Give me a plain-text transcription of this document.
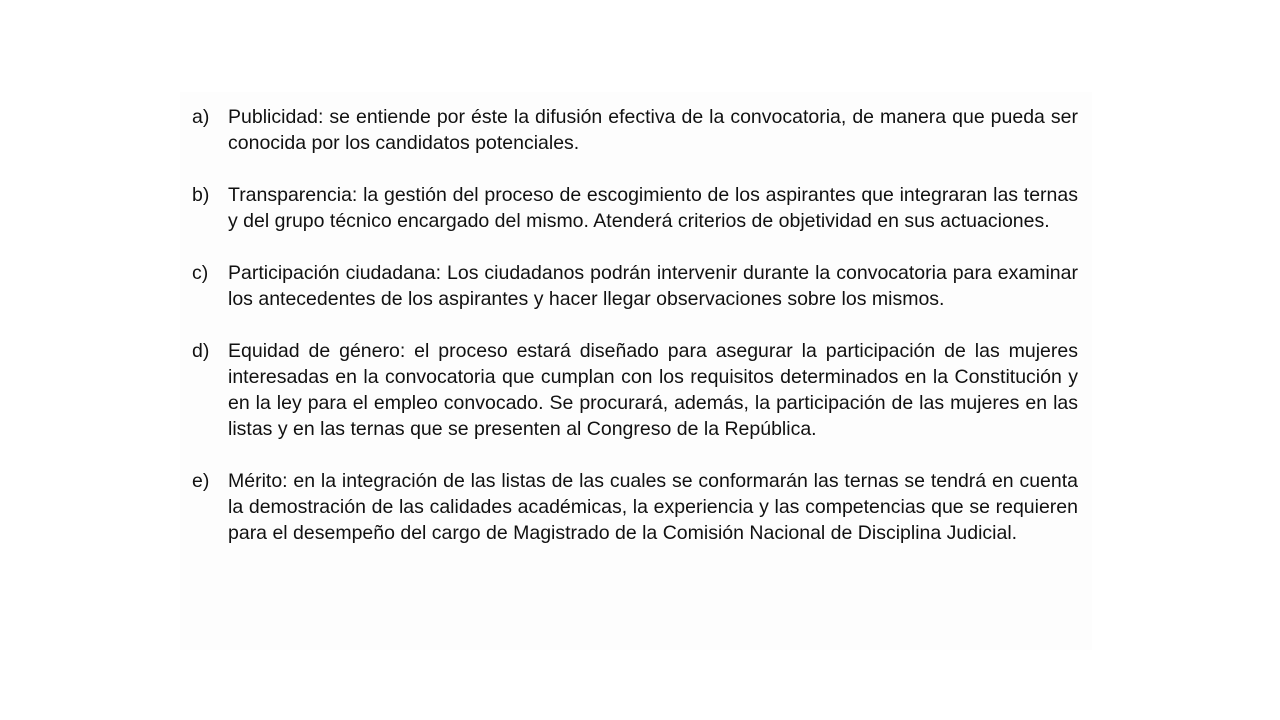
a) Publicidad: se entiende por éste la difusión efectiva de la convocatoria, de manera que pueda ser conocida por los candidatos potenciales.
b) Transparencia: la gestión del proceso de escogimiento de los aspirantes que integraran las ternas y del grupo técnico encargado del mismo. Atenderá criterios de objetividad en sus actuaciones.
c)	Participación ciudadana: Los ciudadanos podrán intervenir durante la convocatoria para examinar los antecedentes de los aspirantes y hacer llegar observaciones sobre los mismos.
d) Equidad de género: el proceso estará diseñado para asegurar la participación de las mujeres interesadas en la convocatoria que cumplan con los requisitos determinados en la Constitución y en la ley para el empleo convocado. Se procurará, además, la participación de las mujeres en las listas y en las ternas que se presenten al Congreso de la República.
e) Mérito: en la integración de las listas de las cuales se conformarán las ternas se tendrá en cuenta la demostración de las calidades académicas, la experiencia y las competencias que se requieren para el desempeño del cargo de Magistrado de la Comisión Nacional de Disciplina Judicial.
